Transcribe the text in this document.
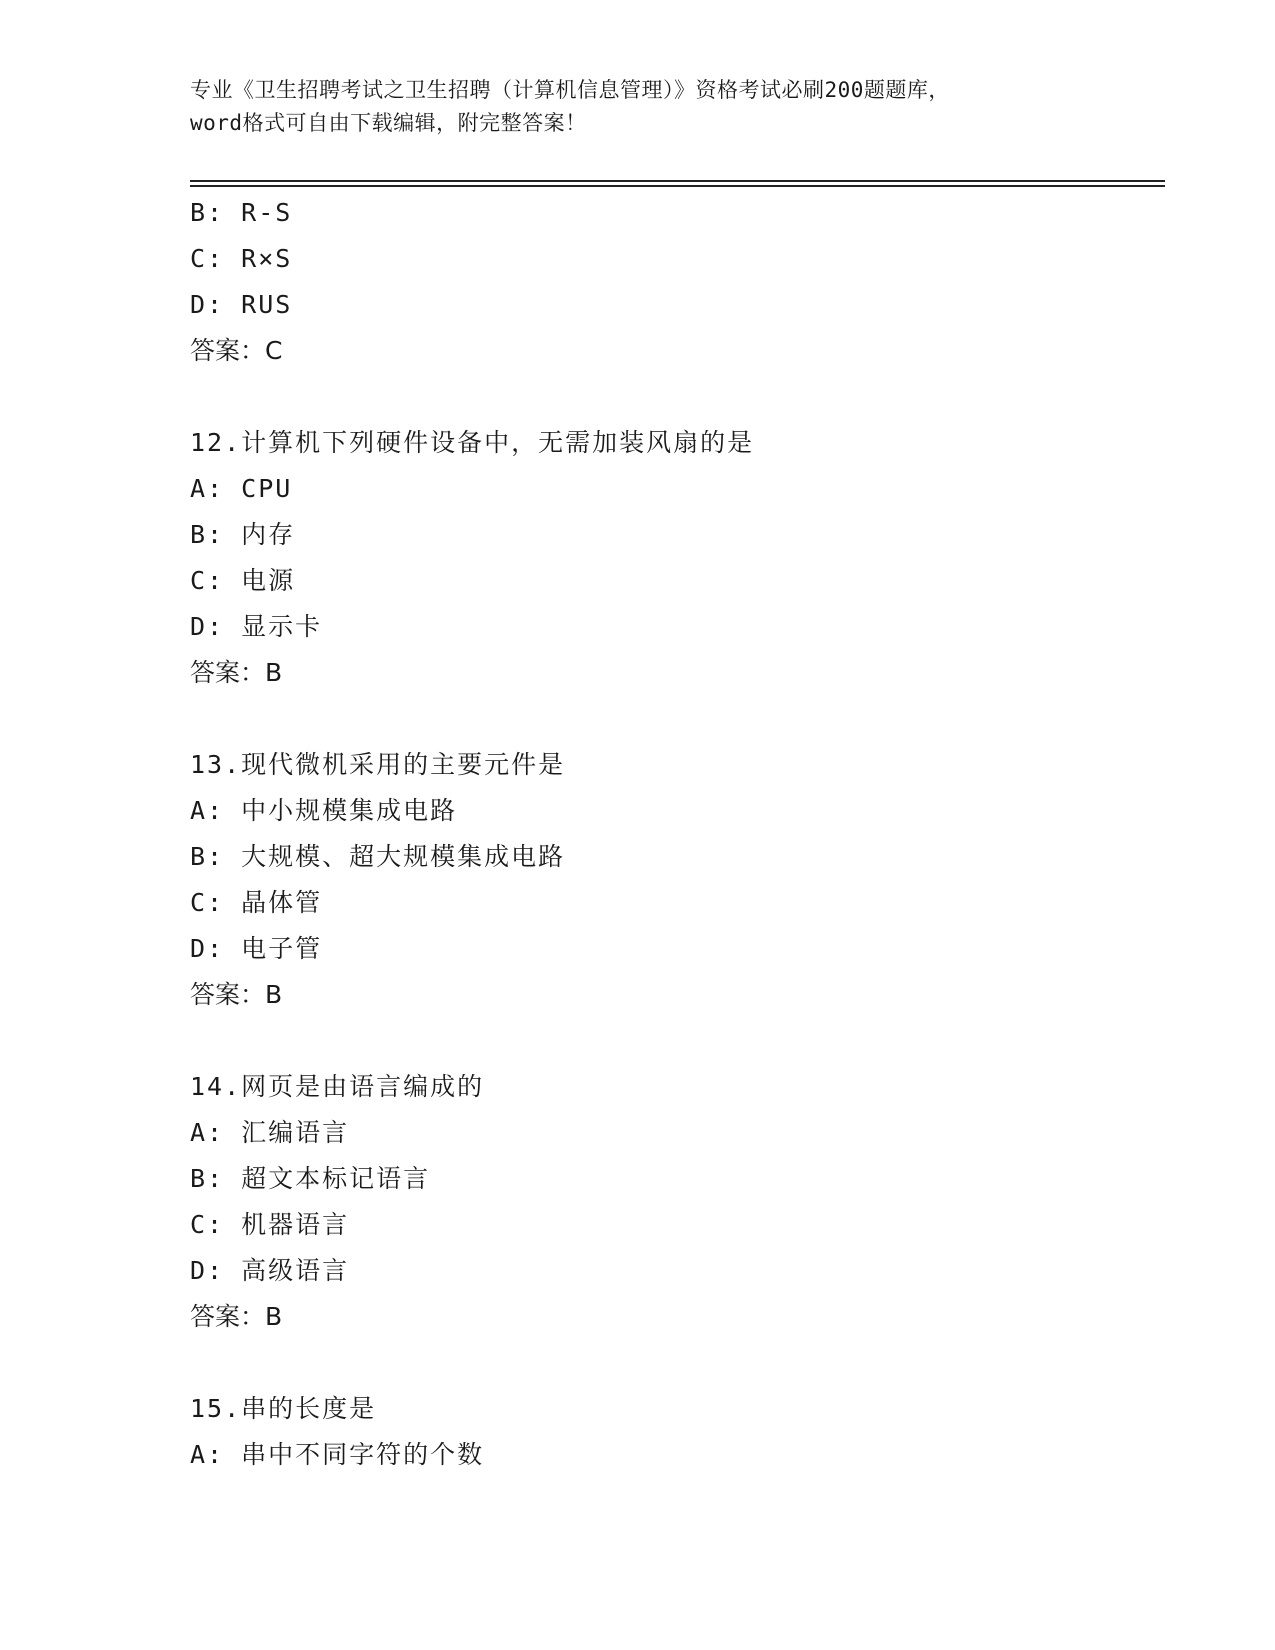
专业《卫生招聘考试之卫生招聘（计算机信息管理）》资格考试必刷200题题库，
word格式可自由下载编辑，附完整答案！
B: R-S
C: R×S
D: RUS
答案：C
12.计算机下列硬件设备中，无需加装风扇的是
A: CPU
B: 内存
C: 电源
D: 显示卡
答案：B
13.现代微机采用的主要元件是
A: 中小规模集成电路
B: 大规模、超大规模集成电路
C: 晶体管
D: 电子管
答案：B
14.网页是由语言编成的
A: 汇编语言
B: 超文本标记语言
C: 机器语言
D: 高级语言
答案：B
15.串的长度是
A: 串中不同字符的个数
